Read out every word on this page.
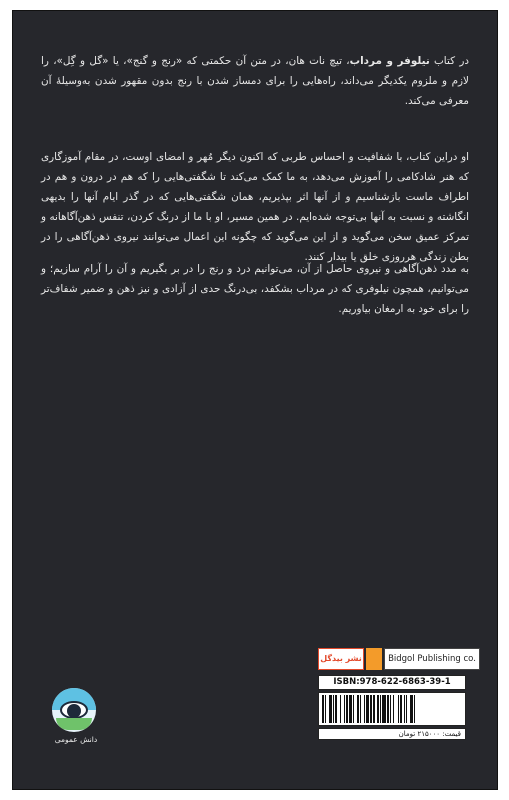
در کتاب نیلوفر و مرداب، تیچ نات هان، در متن آن حکمتی که «رنج و گنج»، یا «گل و گِل»، را لازم و ملزوم یکدیگر می‌داند، راه‌هایی را برای دمساز شدن با رنج بدون مقهور شدن به‌وسیلهٔ آن معرفی می‌کند.
او دراین کتاب، با شفافیت و احساس طربی که اکنون دیگر مُهر و امضای اوست، در مقام آموزگاری که هنر شادکامی را آموزش می‌دهد، به ما کمک می‌کند تا شگفتی‌هایی را که هم در درون و هم در اطراف ماست بازشناسیم و از آنها اثر بپذیریم، همان شگفتی‌هایی که در گذر ایام آنها را بدیهی انگاشته و نسبت به آنها بی‌توجه شده‌ایم. در همین مسیر، او با ما از درنگ کردن، تنفس ذهن‌آگاهانه و تمرکز عمیق سخن می‌گوید و از این می‌گوید که چگونه این اعمال می‌توانند نیروی ذهن‌آگاهی را در بطن زندگی هرروزی خلق یا بیدار کنند.
به مدد ذهن‌آگاهی و نیروی حاصل از آن، می‌توانیم درد و رنج را در بر بگیریم و آن را آرام سازیم؛ و می‌توانیم، همچون نیلوفری که در مرداب بشکفد، بی‌درنگ حدی از آزادی و نیز ذهن و ضمیر شفاف‌تر را برای خود به ارمغان بیاوریم.
دانش عمومی
نشر بیدگل	Bidgol Publishing co.
ISBN:978-622-6863-39-1
قیمت: ۲۱۵۰۰۰ تومان
